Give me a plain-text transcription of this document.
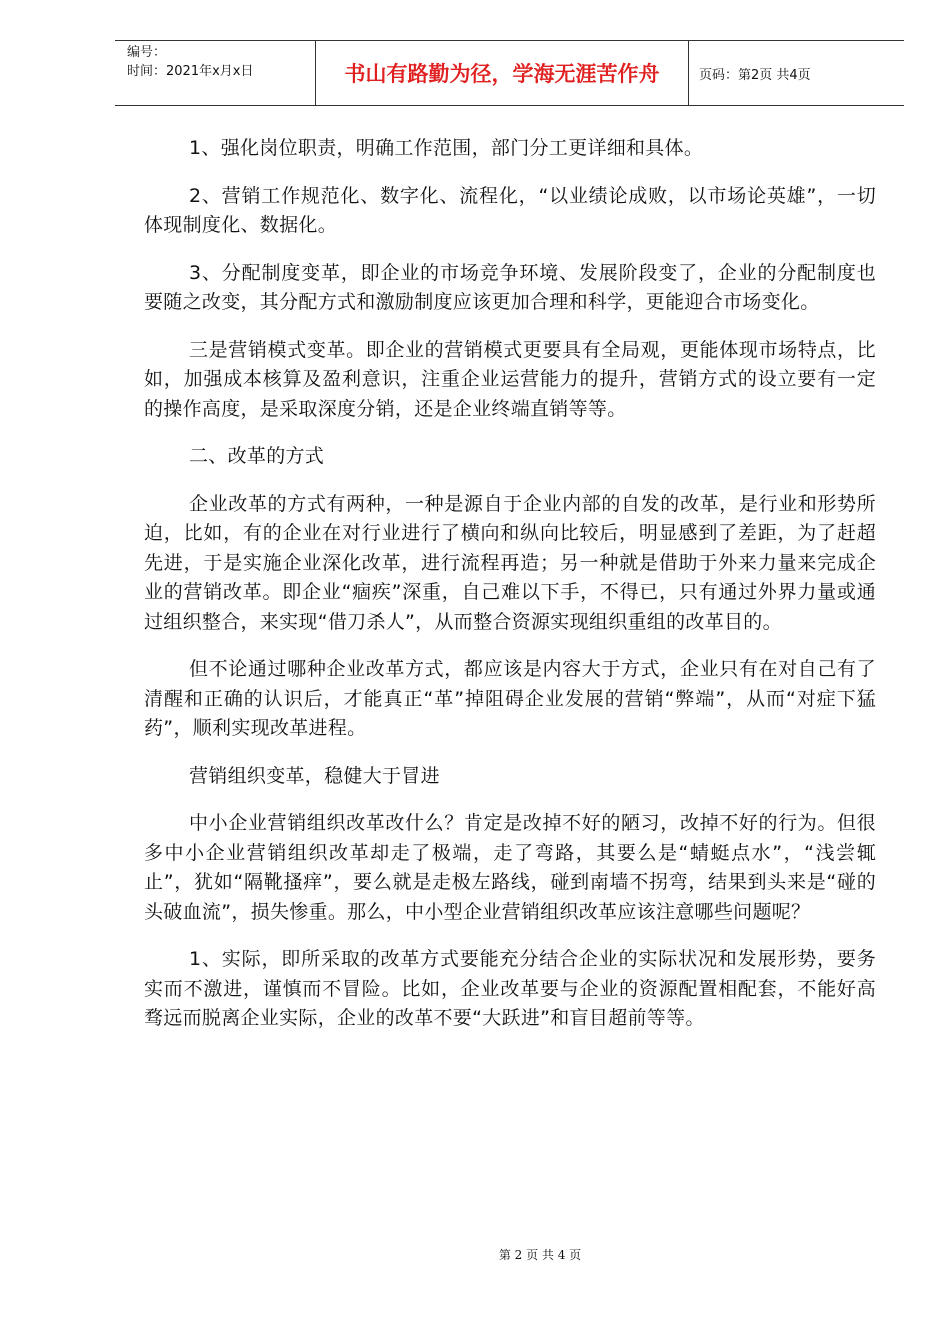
编号：
时间：2021年x月x日	书山有路勤为径，学海无涯苦作舟	页码：第2页 共4页

1、强化岗位职责，明确工作范围，部门分工更详细和具体。

2、营销工作规范化、数字化、流程化，“以业绩论成败，以市场论英雄”，一切体现制度化、数据化。

3、分配制度变革，即企业的市场竞争环境、发展阶段变了，企业的分配制度也要随之改变，其分配方式和激励制度应该更加合理和科学，更能迎合市场变化。

三是营销模式变革。即企业的营销模式更要具有全局观，更能体现市场特点，比如，加强成本核算及盈利意识，注重企业运营能力的提升，营销方式的设立要有一定的操作高度，是采取深度分销，还是企业终端直销等等。

二、改革的方式

企业改革的方式有两种，一种是源自于企业内部的自发的改革，是行业和形势所迫，比如，有的企业在对行业进行了横向和纵向比较后，明显感到了差距，为了赶超先进，于是实施企业深化改革，进行流程再造；另一种就是借助于外来力量来完成企业的营销改革。即企业“痼疾”深重，自己难以下手，不得已，只有通过外界力量或通过组织整合，来实现“借刀杀人”，从而整合资源实现组织重组的改革目的。

但不论通过哪种企业改革方式，都应该是内容大于方式，企业只有在对自己有了清醒和正确的认识后，才能真正“革”掉阻碍企业发展的营销“弊端”，从而“对症下猛药”，顺利实现改革进程。

营销组织变革，稳健大于冒进

中小企业营销组织改革改什么？肯定是改掉不好的陋习，改掉不好的行为。但很多中小企业营销组织改革却走了极端，走了弯路，其要么是“蜻蜓点水”，“浅尝辄止”，犹如“隔靴搔痒”，要么就是走极左路线，碰到南墙不拐弯，结果到头来是“碰的头破血流”，损失惨重。那么，中小型企业营销组织改革应该注意哪些问题呢？

1、实际，即所采取的改革方式要能充分结合企业的实际状况和发展形势，要务实而不激进，谨慎而不冒险。比如，企业改革要与企业的资源配置相配套，不能好高骛远而脱离企业实际，企业的改革不要“大跃进”和盲目超前等等。

第 2 页 共 4 页
